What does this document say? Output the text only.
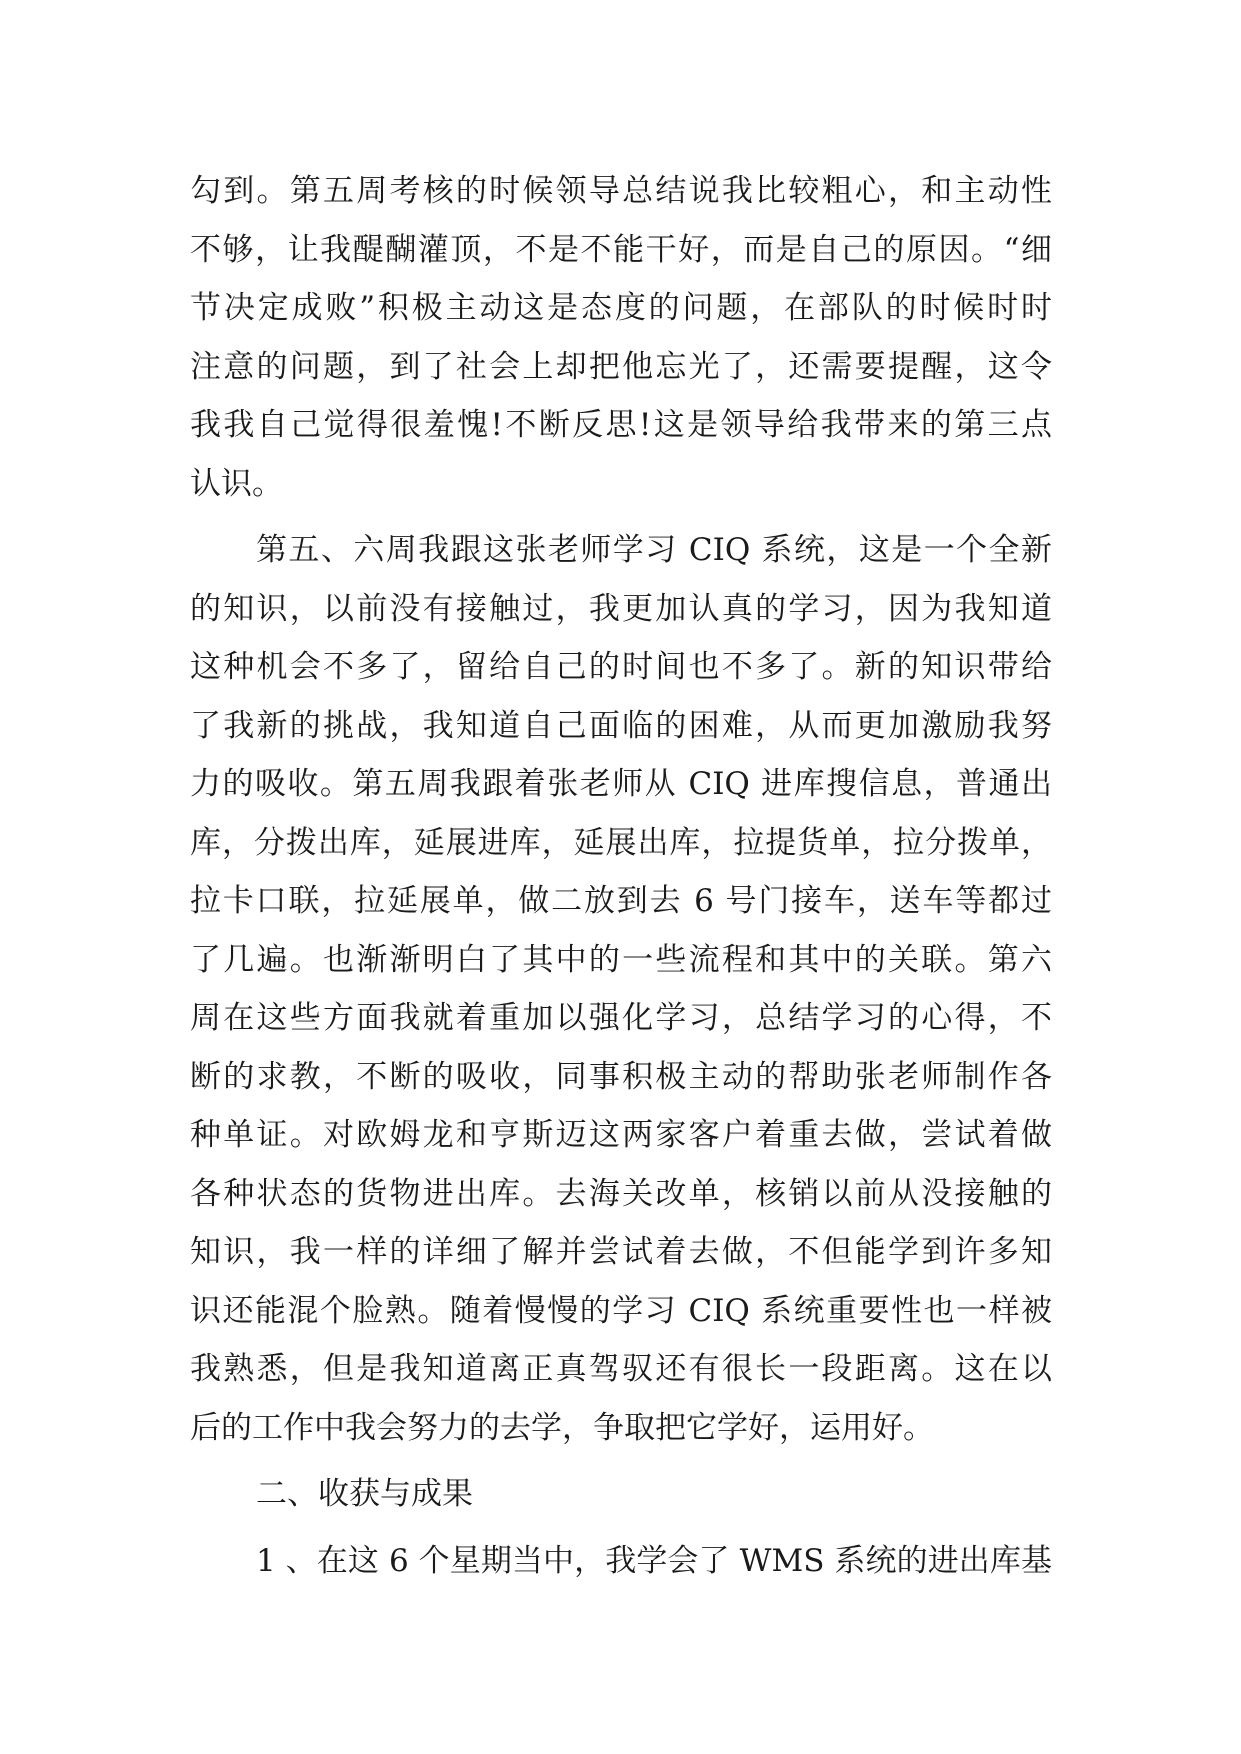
勾到。第五周考核的时候领导总结说我比较粗心，和主动性
不够，让我醍醐灌顶，不是不能干好，而是自己的原因。“细
节决定成败”积极主动这是态度的问题，在部队的时候时时
注意的问题，到了社会上却把他忘光了，还需要提醒，这令
我我自己觉得很羞愧!不断反思!这是领导给我带来的第三点
认识。
第五、六周我跟这张老师学习 CIQ 系统，这是一个全新
的知识，以前没有接触过，我更加认真的学习，因为我知道
这种机会不多了，留给自己的时间也不多了。新的知识带给
了我新的挑战，我知道自己面临的困难，从而更加激励我努
力的吸收。第五周我跟着张老师从 CIQ 进库搜信息，普通出
库，分拨出库，延展进库，延展出库，拉提货单，拉分拨单，
拉卡口联，拉延展单，做二放到去 6 号门接车，送车等都过
了几遍。也渐渐明白了其中的一些流程和其中的关联。第六
周在这些方面我就着重加以强化学习，总结学习的心得，不
断的求教，不断的吸收，同事积极主动的帮助张老师制作各
种单证。对欧姆龙和亨斯迈这两家客户着重去做，尝试着做
各种状态的货物进出库。去海关改单，核销以前从没接触的
知识，我一样的详细了解并尝试着去做，不但能学到许多知
识还能混个脸熟。随着慢慢的学习 CIQ 系统重要性也一样被
我熟悉，但是我知道离正真驾驭还有很长一段距离。这在以
后的工作中我会努力的去学，争取把它学好，运用好。
二、收获与成果
1 、在这 6 个星期当中，我学会了 WMS 系统的进出库基
